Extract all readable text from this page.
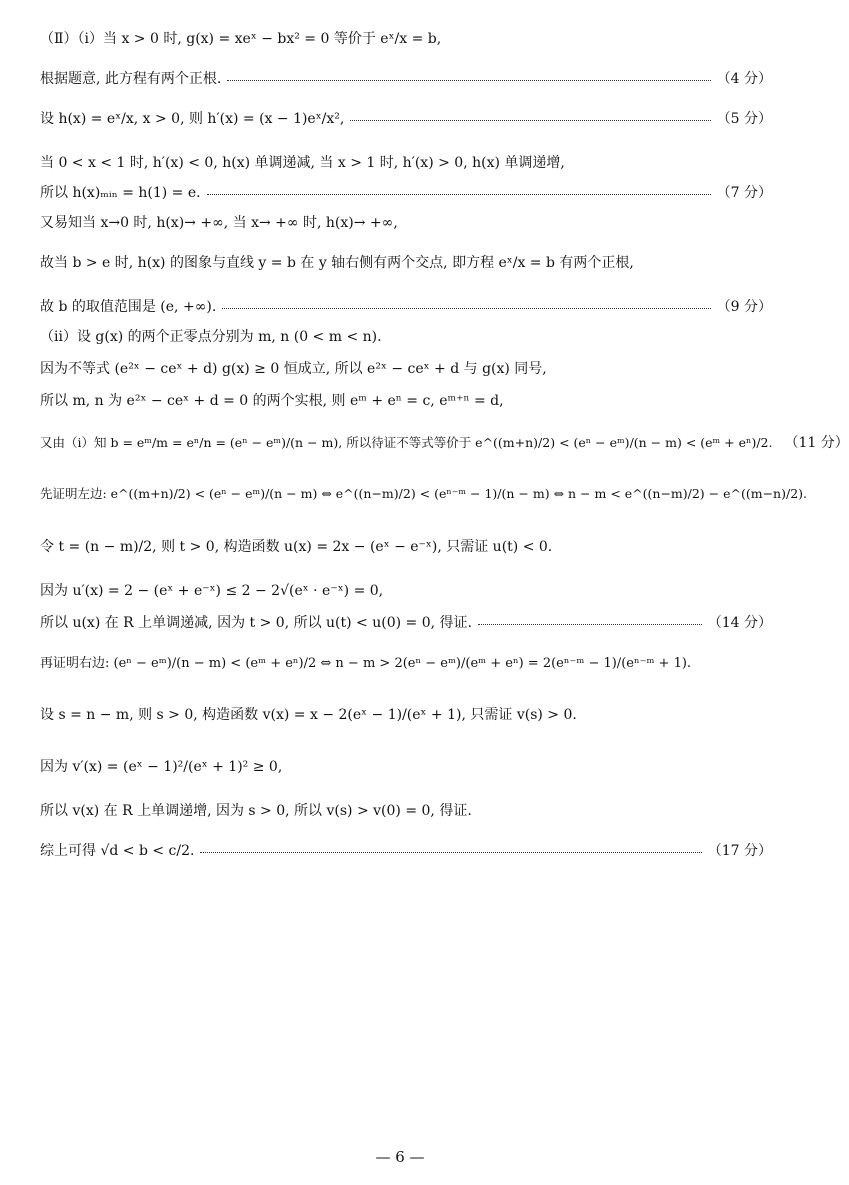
（Ⅱ）（ⅰ）当 x > 0 时, g(x) = xeˣ − bx² = 0 等价于 eˣ/x = b,
根据题意, 此方程有两个正根.	（4 分）
设 h(x) = eˣ/x, x > 0, 则 h′(x) = (x − 1)eˣ/x²,	（5 分）
当 0 < x < 1 时, h′(x) < 0, h(x) 单调递减, 当 x > 1 时, h′(x) > 0, h(x) 单调递增,
所以 h(x)ₘᵢₙ = h(1) = e.	（7 分）
又易知当 x→0 时, h(x)→ +∞, 当 x→ +∞ 时, h(x)→ +∞,
故当 b > e 时, h(x) 的图象与直线 y = b 在 y 轴右侧有两个交点, 即方程 eˣ/x = b 有两个正根,
故 b 的取值范围是 (e, +∞).	（9 分）
（ⅱ）设 g(x) 的两个正零点分别为 m, n (0 < m < n).
因为不等式 (e²ˣ − ceˣ + d) g(x) ≥ 0 恒成立, 所以 e²ˣ − ceˣ + d 与 g(x) 同号,
所以 m, n 为 e²ˣ − ceˣ + d = 0 的两个实根, 则 eᵐ + eⁿ = c, eᵐ⁺ⁿ = d,
又由（ⅰ）知 b = eᵐ/m = eⁿ/n = (eⁿ − eᵐ)/(n − m), 所以待证不等式等价于 e^((m+n)/2) < (eⁿ − eᵐ)/(n − m) < (eᵐ + eⁿ)/2. （11 分）
先证明左边: e^((m+n)/2) < (eⁿ − eᵐ)/(n − m) ⇔ e^((n−m)/2) < (eⁿ⁻ᵐ − 1)/(n − m) ⇔ n − m < e^((n−m)/2) − e^((m−n)/2).
令 t = (n − m)/2, 则 t > 0, 构造函数 u(x) = 2x − (eˣ − e⁻ˣ), 只需证 u(t) < 0.
因为 u′(x) = 2 − (eˣ + e⁻ˣ) ≤ 2 − 2√(eˣ · e⁻ˣ) = 0,
所以 u(x) 在 R 上单调递减, 因为 t > 0, 所以 u(t) < u(0) = 0, 得证.	（14 分）
再证明右边: (eⁿ − eᵐ)/(n − m) < (eᵐ + eⁿ)/2 ⇔ n − m > 2(eⁿ − eᵐ)/(eᵐ + eⁿ) = 2(eⁿ⁻ᵐ − 1)/(eⁿ⁻ᵐ + 1).
设 s = n − m, 则 s > 0, 构造函数 v(x) = x − 2(eˣ − 1)/(eˣ + 1), 只需证 v(s) > 0.
因为 v′(x) = (eˣ − 1)²/(eˣ + 1)² ≥ 0,
所以 v(x) 在 R 上单调递增, 因为 s > 0, 所以 v(s) > v(0) = 0, 得证.
综上可得 √d < b < c/2.	（17 分）
— 6 —
